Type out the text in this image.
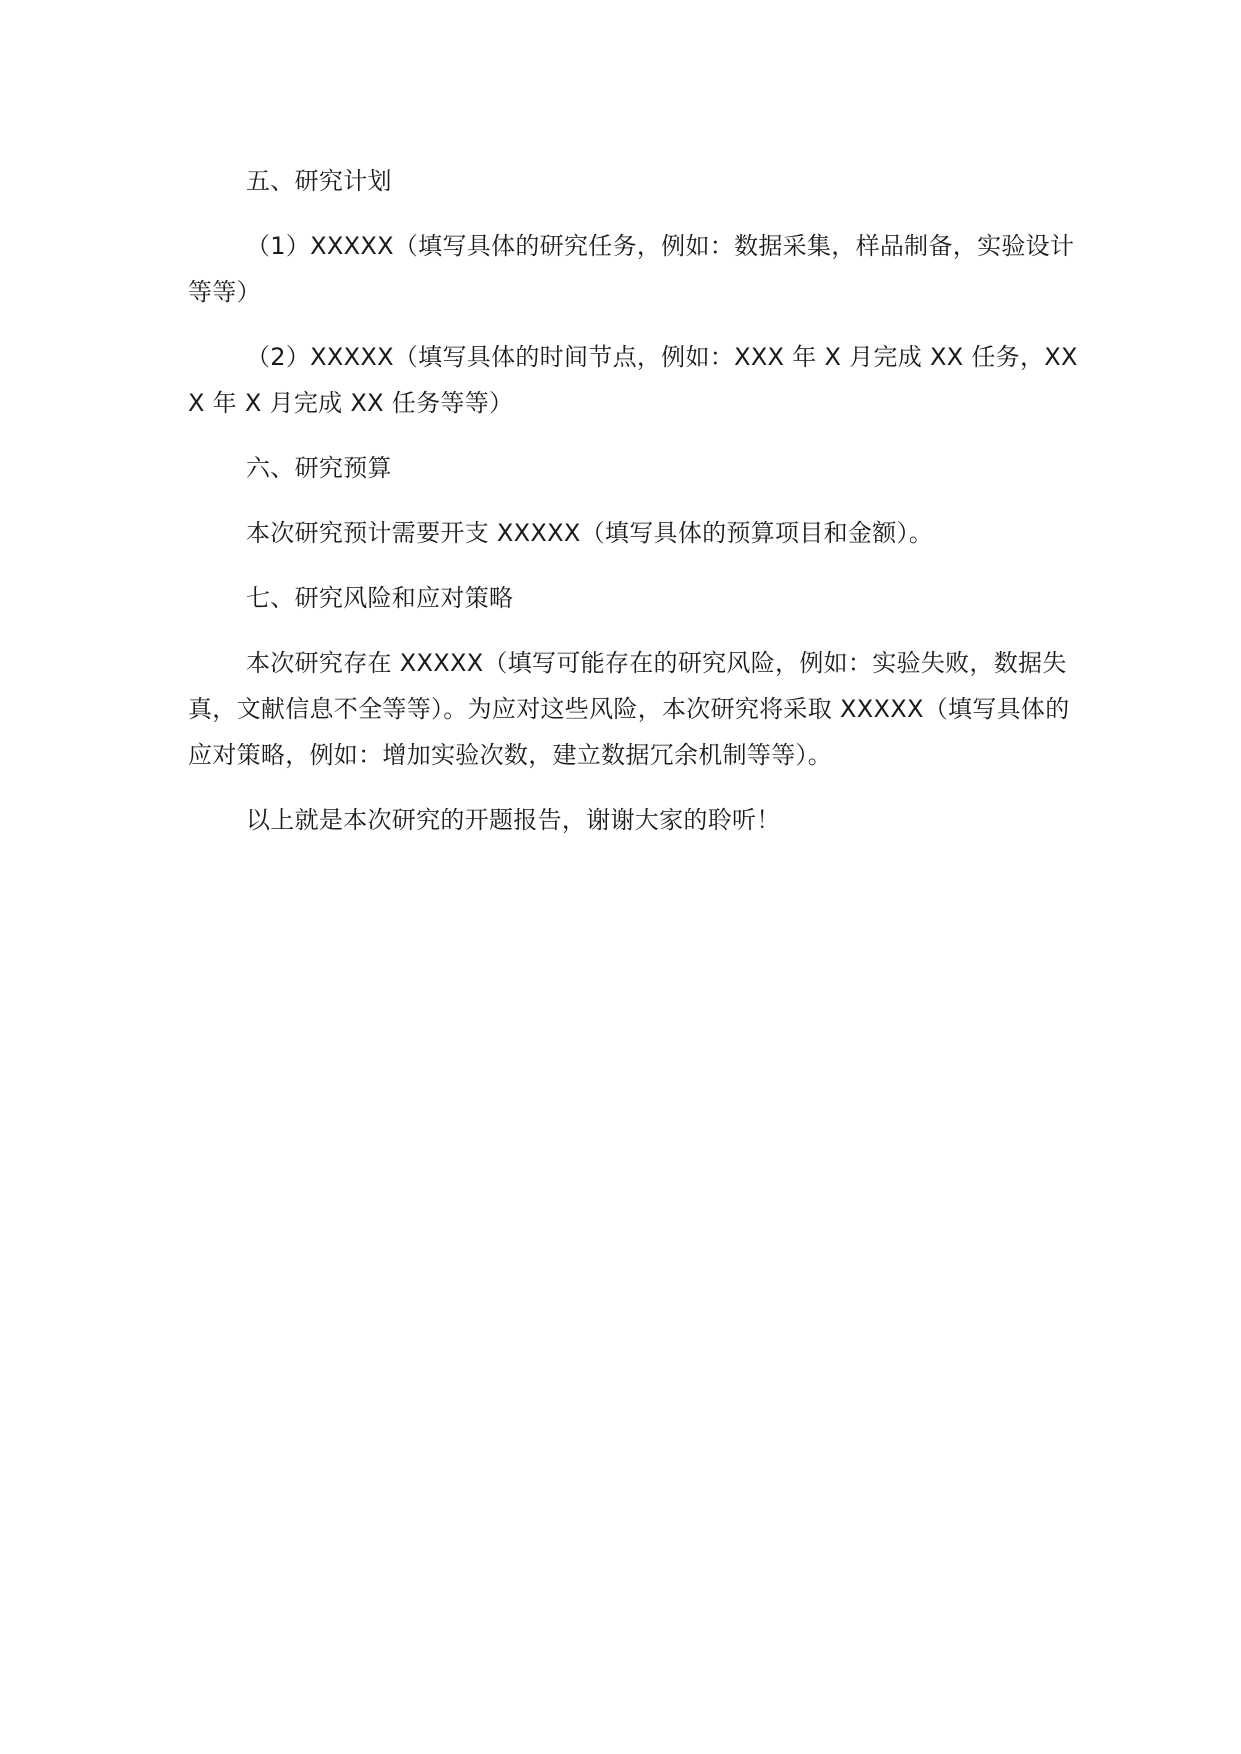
五、研究计划

（1）XXXXX（填写具体的研究任务，例如：数据采集，样品制备，实验设计等等）

（2）XXXXX（填写具体的时间节点，例如：XXX 年 X 月完成 XX 任务，XXX 年 X 月完成 XX 任务等等）

六、研究预算

本次研究预计需要开支 XXXXX（填写具体的预算项目和金额）。

七、研究风险和应对策略

本次研究存在 XXXXX（填写可能存在的研究风险，例如：实验失败，数据失真，文献信息不全等等）。为应对这些风险，本次研究将采取 XXXXX（填写具体的应对策略，例如：增加实验次数，建立数据冗余机制等等）。

以上就是本次研究的开题报告，谢谢大家的聆听！
